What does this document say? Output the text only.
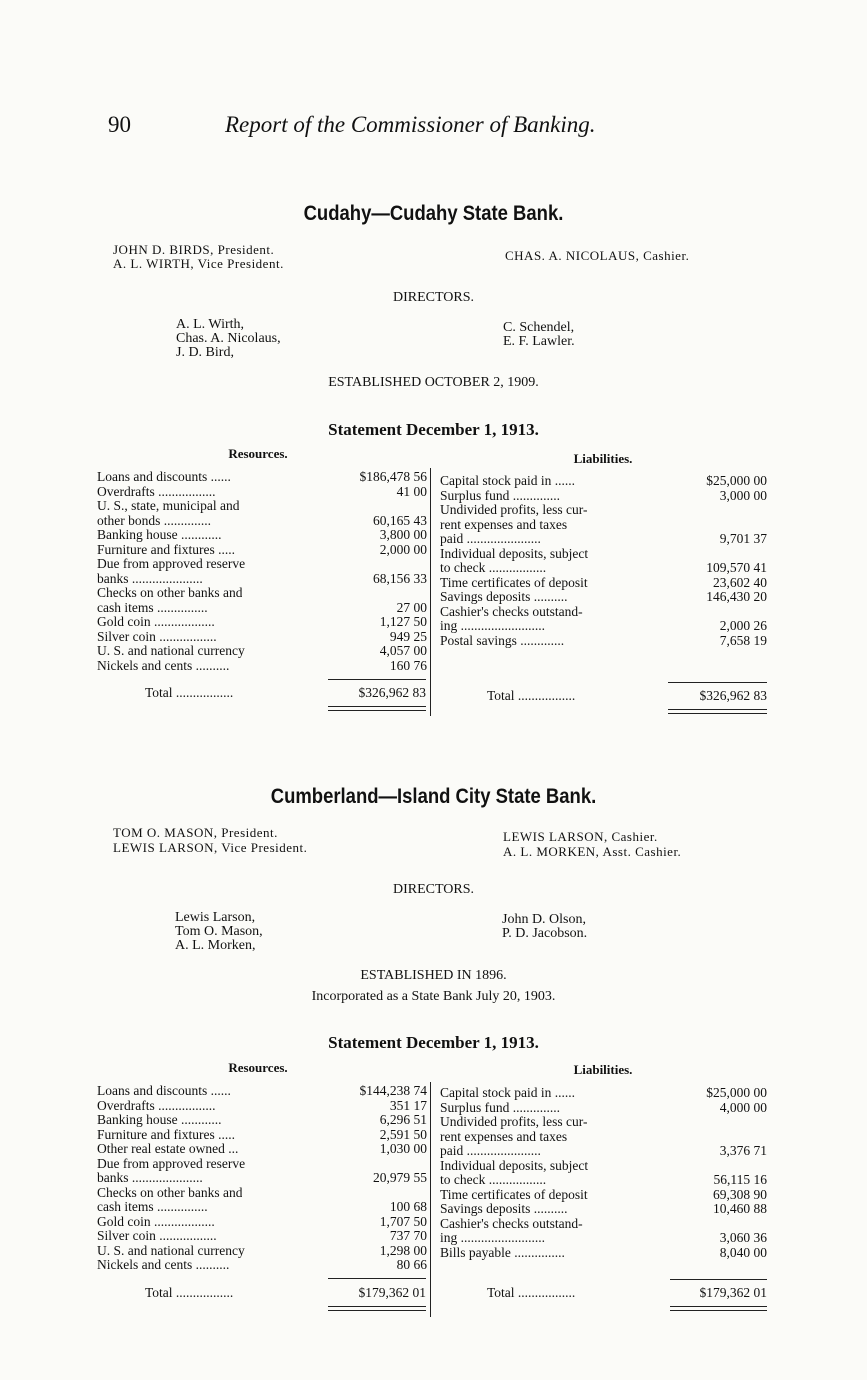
90	Report of the Commissioner of Banking.
Cudahy—Cudahy State Bank.
JOHN D. BIRDS, President.
A. L. WIRTH, Vice President.
CHAS. A. NICOLAUS, Cashier.
DIRECTORS.
A. L. Wirth,
Chas. A. Nicolaus,
J. D. Bird,
C. Schendel,
E. F. Lawler.
ESTABLISHED OCTOBER 2, 1909.
Statement December 1, 1913.
Resources.	Liabilities.
Loans and discounts ......	$186,478 56
Overdrafts .................	41 00
U. S., state, municipal and
other bonds ..............	60,165 43
Banking house ............	3,800 00
Furniture and fixtures .....	2,000 00
Due from approved reserve
banks .....................	68,156 33
Checks on other banks and
cash items ...............	27 00
Gold coin ..................	1,127 50
Silver coin .................	949 25
U. S. and national currency	4,057 00
Nickels and cents ..........	160 76
Capital stock paid in ......	$25,000 00
Surplus fund ..............	3,000 00
Undivided profits, less cur-
rent expenses and taxes
paid ......................	9,701 37
Individual deposits, subject
to check .................	109,570 41
Time certificates of deposit	23,602 40
Savings deposits ..........	146,430 20
Cashier's checks outstand-
ing .........................	2,000 26
Postal savings .............	7,658 19
Total .................	$326,962 83	Total .................	$326,962 83
Cumberland—Island City State Bank.
TOM O. MASON, President.
LEWIS LARSON, Vice President.
LEWIS LARSON, Cashier.
A. L. MORKEN, Asst. Cashier.
DIRECTORS.
Lewis Larson,
Tom O. Mason,
A. L. Morken,
John D. Olson,
P. D. Jacobson.
ESTABLISHED IN 1896.
Incorporated as a State Bank July 20, 1903.
Statement December 1, 1913.
Resources.	Liabilities.
Loans and discounts ......	$144,238 74
Overdrafts .................	351 17
Banking house ............	6,296 51
Furniture and fixtures .....	2,591 50
Other real estate owned ...	1,030 00
Due from approved reserve
banks .....................	20,979 55
Checks on other banks and
cash items ...............	100 68
Gold coin ..................	1,707 50
Silver coin .................	737 70
U. S. and national currency	1,298 00
Nickels and cents ..........	80 66
Capital stock paid in ......	$25,000 00
Surplus fund ..............	4,000 00
Undivided profits, less cur-
rent expenses and taxes
paid ......................	3,376 71
Individual deposits, subject
to check .................	56,115 16
Time certificates of deposit	69,308 90
Savings deposits ..........	10,460 88
Cashier's checks outstand-
ing .........................	3,060 36
Bills payable ...............	8,040 00
Total .................	$179,362 01	Total .................	$179,362 01
